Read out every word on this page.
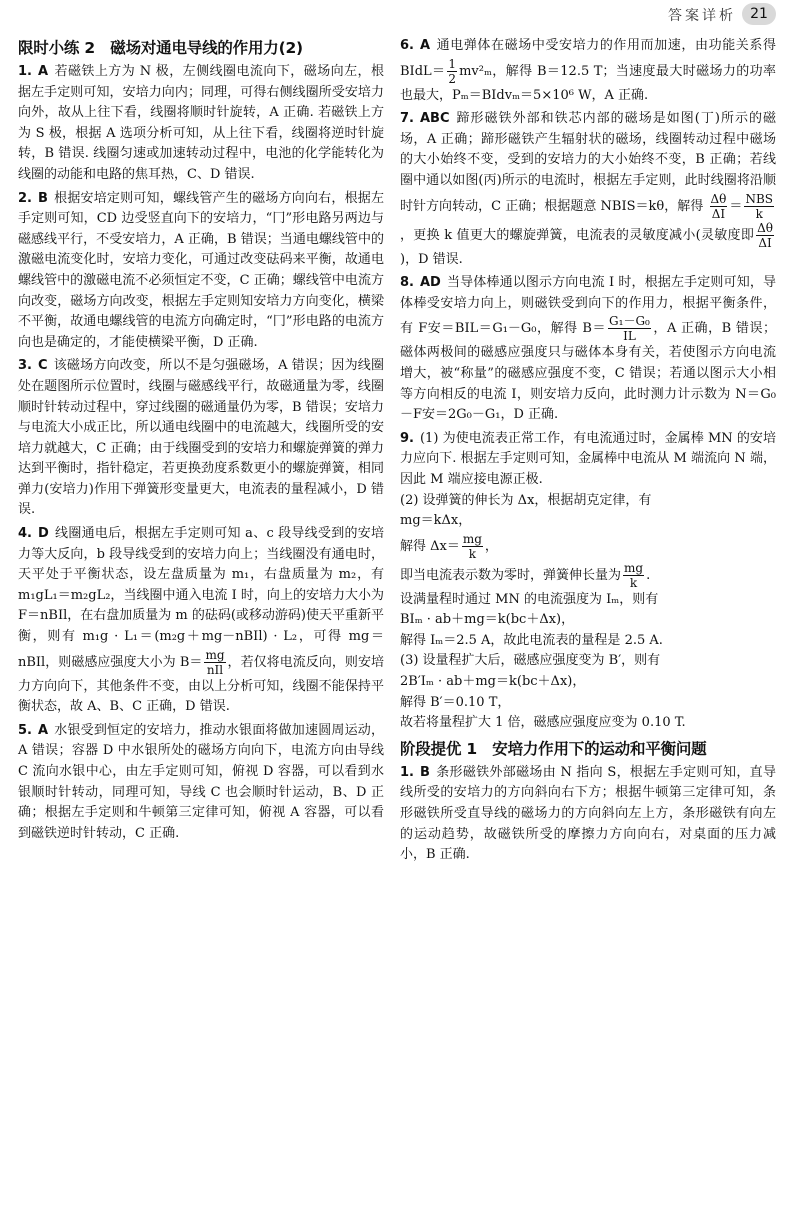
答案详析	21
限时小练 2　磁场对通电导线的作用力(2)
1. A 若磁铁上方为 N 极，左侧线圈电流向下，磁场向左，根据左手定则可知，安培力向内；同理，可得右侧线圈所受安培力向外，故从上往下看，线圈将顺时针旋转，A 正确. 若磁铁上方为 S 极，根据 A 选项分析可知，从上往下看，线圈将逆时针旋转，B 错误. 线圈匀速或加速转动过程中，电池的化学能转化为线圈的动能和电路的焦耳热，C、D 错误.
2. B 根据安培定则可知，螺线管产生的磁场方向向右，根据左手定则可知，CD 边受竖直向下的安培力，“冂”形电路另两边与磁感线平行，不受安培力，A 正确，B 错误；当通电螺线管中的激磁电流变化时，安培力变化，可通过改变砝码来平衡，故通电螺线管中的激磁电流不必须恒定不变，C 正确；螺线管中电流方向改变，磁场方向改变，根据左手定则知安培力方向变化，横梁不平衡，故通电螺线管的电流方向确定时，“冂”形电路的电流方向也是确定的，才能使横梁平衡，D 正确.
3. C 该磁场方向改变，所以不是匀强磁场，A 错误；因为线圈处在题图所示位置时，线圈与磁感线平行，故磁通量为零，线圈顺时针转动过程中，穿过线圈的磁通量仍为零，B 错误；安培力与电流大小成正比，所以通电线圈中的电流越大，线圈所受的安培力就越大，C 正确；由于线圈受到的安培力和螺旋弹簧的弹力达到平衡时，指针稳定，若更换劲度系数更小的螺旋弹簧，相同弹力(安培力)作用下弹簧形变量更大，电流表的量程减小，D 错误.
4. D 线圈通电后，根据左手定则可知 a、c 段导线受到的安培力等大反向，b 段导线受到的安培力向上；当线圈没有通电时，天平处于平衡状态，设左盘质量为 m₁，右盘质量为 m₂，有 m₁gL₁＝m₂gL₂，当线圈中通入电流 I 时，向上的安培力大小为 F＝nBIl，在右盘加质量为 m 的砝码(或移动游码)使天平重新平衡，则有 m₁g · L₁＝(m₂g＋mg－nBIl) · L₂，可得 mg＝nBIl，则磁感应强度大小为 $B= \frac{mg}{\text{nIl}}$ ，若仅将电流反向，则安培力方向向下，其他条件不变，由以上分析可知，线圈不能保持平衡状态，故 A、B、C 正确，D 错误.
5. A 水银受到恒定的安培力，推动水银面将做加速圆周运动，A 错误；容器 D 中水银所处的磁场方向向下，电流方向由导线 C 流向水银中心，由左手定则可知，俯视 D 容器，可以看到水银顺时针转动，同理可知，导线 C 也会顺时针运动，B、D 正确；根据左手定则和牛顿第三定律可知，俯视 A 容器，可以看到磁铁逆时针转动，C 正确.
6. A 通电弹体在磁场中受安培力的作用而加速，由功能关系得 BIdL＝ $\frac{1}{2} mv^2_m$，解得 B＝12.5 T；当速度最大时磁场力的功率也最大，Pₘ＝BIdvₘ＝5×10⁶ W，A 正确.
7. ABC 蹄形磁铁外部和铁芯内部的磁场是如图(丁)所示的磁场，A 正确；蹄形磁铁产生辐射状的磁场，线圈转动过程中磁场的大小始终不变，受到的安培力的大小始终不变，B 正确；若线圈中通以如图(丙)所示的电流时，根据左手定则，此时线圈将沿顺时针方向转动，C 正确；根据题意 NBIS＝kθ，解得 $\frac{\Delta\theta}{\Delta I} = \frac{\text{NBS}}{k}$
，更换 k 值更大的螺旋弹簧，电流表的灵敏度减小(灵敏度即 $\frac{\Delta\theta}{\Delta I}$
)，D 错误.
8. AD 当导体棒通以图示方向电流 I 时，根据左手定则可知，导体棒受安培力向上，则磁铁受到向下的作用力，根据平衡条件，有 F安＝BIL＝G₁－G₀，解得 $B= \frac{\text{G₁－G₀}}{IL}$ ，A 正确，B 错误；磁体两极间的磁感应强度只与磁体本身有关，若使图示方向电流增大，被“称量”的磁感应强度不变，C 错误；若通以图示大小相等方向相反的电流 I，则安培力反向，此时测力计示数为 N＝G₀－F安＝2G₀－G₁，D 正确.
9. (1) 为使电流表正常工作，有电流通过时，金属棒 MN 的安培力应向下. 根据左手定则可知，金属棒中电流从 M 端流向 N 端，因此 M 端应接电源正极.

(2) 设弹簧的伸长为 Δx，根据胡克定律，有

mg＝kΔx，

解得 $\Delta x= \frac{mg}{k}$ ，

即当电流表示数为零时，弹簧伸长量为 $\frac{mg}{k}$ .

设满量程时通过 MN 的电流强度为 Iₘ，则有

BIₘ · ab＋mg＝k(bc＋Δx)，

解得 Iₘ＝2.5 A，故此电流表的量程是 2.5 A.

(3) 设量程扩大后，磁感应强度变为 B′，则有

2B′Iₘ · ab＋mg＝k(bc＋Δx)，

解得 B′＝0.10 T，

故若将量程扩大 1 倍，磁感应强度应变为 0.10 T.

阶段提优 1　安培力作用下的运动和平衡问题
1. B 条形磁铁外部磁场由 N 指向 S，根据左手定则可知，直导线所受的安培力的方向斜向右下方；根据牛顿第三定律可知，条形磁铁所受直导线的磁场力的方向斜向左上方，条形磁铁有向左的运动趋势，故磁铁所受的摩擦力方向向右，对桌面的压力减小，B 正确.
